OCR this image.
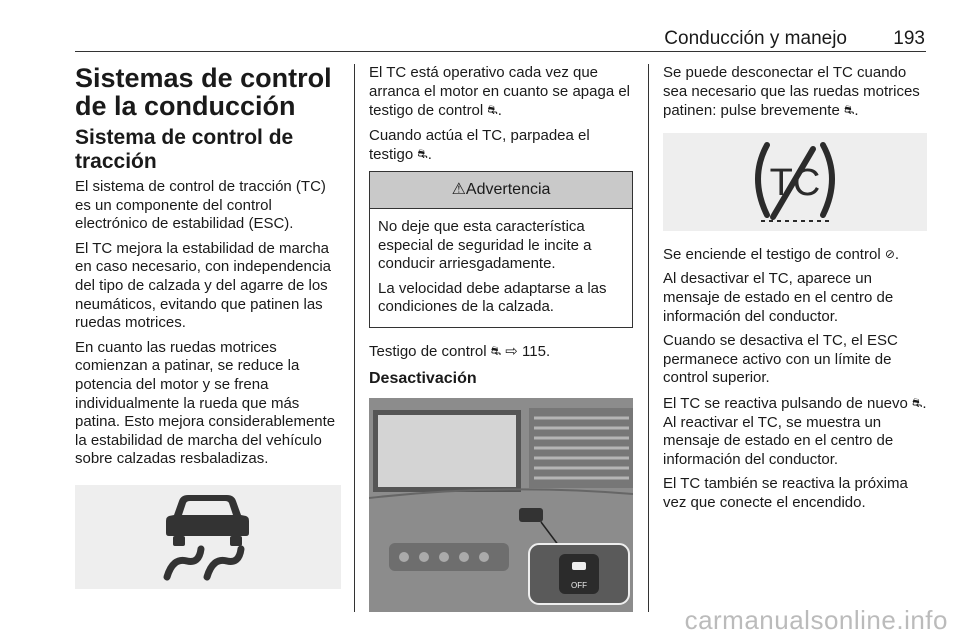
Conducción y manejo 193
Sistemas de control de la conducción
Sistema de control de tracción

El sistema de control de tracción (TC) es un componente del control electrónico de estabilidad (ESC).

El TC mejora la estabilidad de marcha en caso necesario, con independencia del tipo de calzada y del agarre de los neumáticos, evitando que patinen las ruedas motrices.

En cuanto las ruedas motrices comienzan a patinar, se reduce la potencia del motor y se frena individualmente la rueda que más patina. Esto mejora considerablemente la estabilidad de marcha del vehículo sobre calzadas resbaladizas.

El TC está operativo cada vez que arranca el motor en cuanto se apaga el testigo de control ⛐.

Cuando actúa el TC, parpadea el testigo ⛐.

⚠Advertencia

No deje que esta característica especial de seguridad le incite a conducir arriesgadamente.

La velocidad debe adaptarse a las condiciones de la calzada.

Testigo de control ⛐ ⇨ 115.

Desactivación
OFF

Se puede desconectar el TC cuando sea necesario que las ruedas motrices patinen: pulse brevemente ⛐.

TC

Se enciende el testigo de control ⊘.

Al desactivar el TC, aparece un mensaje de estado en el centro de información del conductor.

Cuando se desactiva el TC, el ESC permanece activo con un límite de control superior.

El TC se reactiva pulsando de nuevo ⛐. Al reactivar el TC, se muestra un mensaje de estado en el centro de información del conductor.

El TC también se reactiva la próxima vez que conecte el encendido.

carmanualsonline.info
